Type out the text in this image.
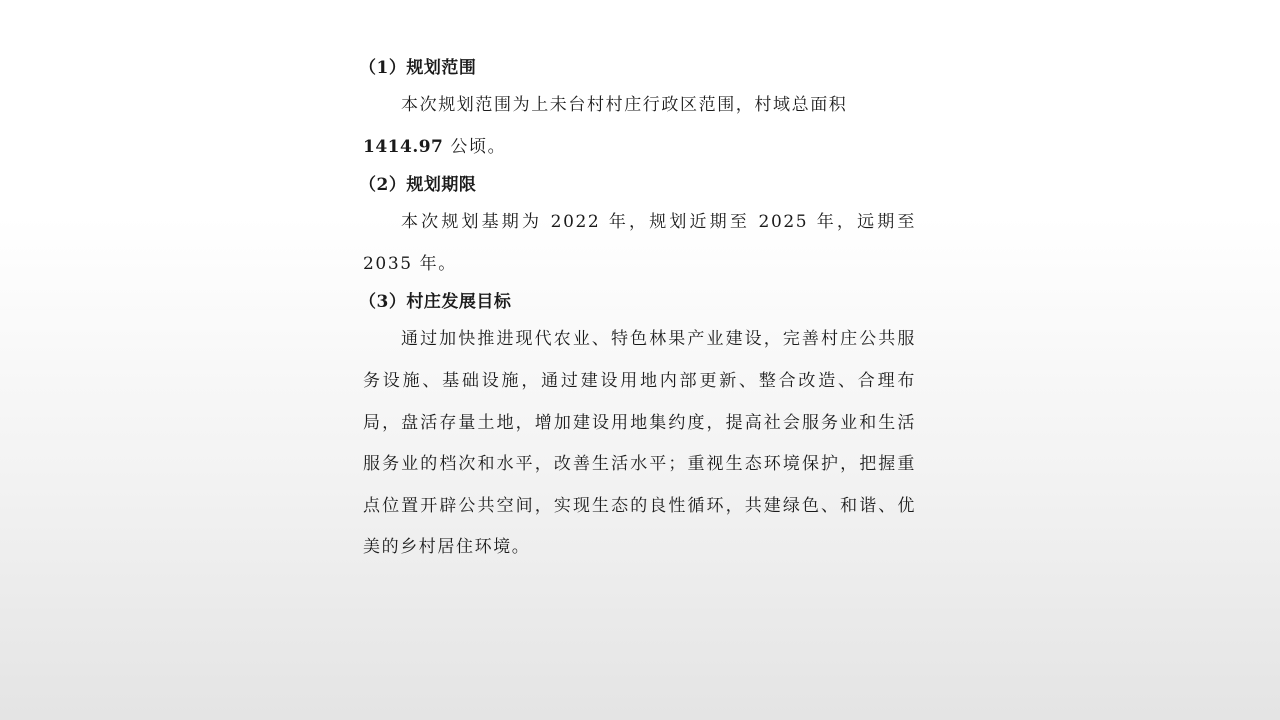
（1）规划范围
本次规划范围为上未台村村庄行政区范围，村域总面积
1414.97 公顷。
（2）规划期限
本次规划基期为 2022 年，规划近期至 2025 年，远期至 2035 年。
（3）村庄发展目标
通过加快推进现代农业、特色林果产业建设，完善村庄公共服务设施、基础设施，通过建设用地内部更新、整合改造、合理布局，盘活存量土地，增加建设用地集约度，提高社会服务业和生活服务业的档次和水平，改善生活水平；重视生态环境保护，把握重点位置开辟公共空间，实现生态的良性循环，共建绿色、和谐、优美的乡村居住环境。
